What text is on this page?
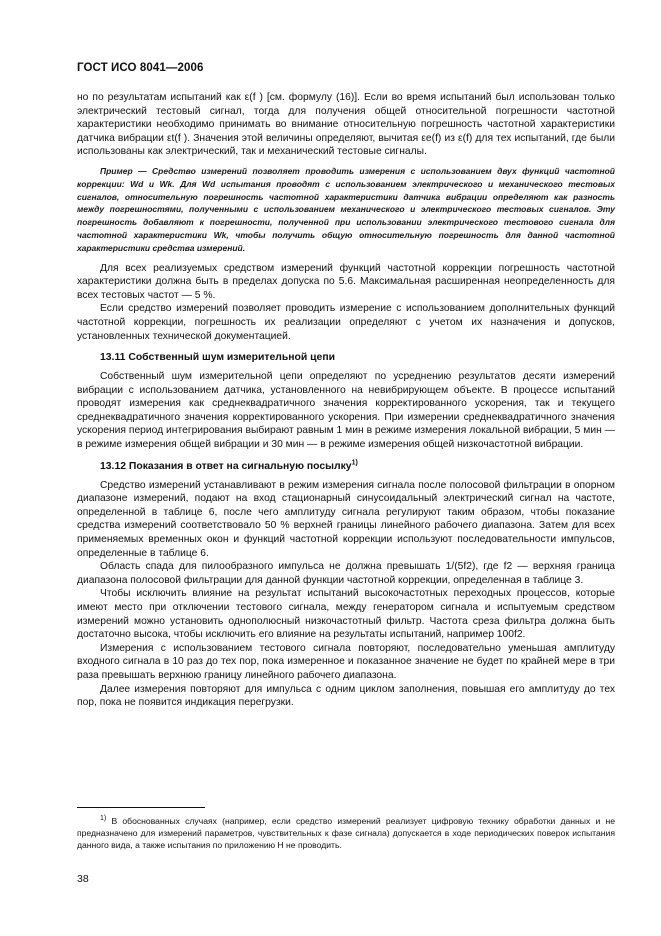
ГОСТ ИСО 8041—2006

но по результатам испытаний как ε(f ) [см. формулу (16)]. Если во время испытаний был использован только электрический тестовый сигнал, тогда для получения общей относительной погрешности частотной характеристики необходимо принимать во внимание относительную погрешность частотной характеристики датчика вибрации εt(f ). Значения этой величины определяют, вычитая εe(f) из ε(f) для тех испытаний, где были использованы как электрический, так и механический тестовые сигналы.

Пример — Средство измерений позволяет проводить измерения с использованием двух функций частотной коррекции: Wd и Wk. Для Wd испытания проводят с использованием электрического и механического тестовых сигналов, относительную погрешность частотной характеристики датчика вибрации определяют как разность между погрешностями, полученными с использованием механического и электрического тестовых сигналов. Эту погрешность добавляют к погрешности, полученной при использовании электрического тестового сигнала для частотной характеристики Wk, чтобы получить общую относительную погрешность для данной частотной характеристики средства измерений.

Для всех реализуемых средством измерений функций частотной коррекции погрешность частотной характеристики должна быть в пределах допуска по 5.6. Максимальная расширенная неопределенность для всех тестовых частот — 5 %.

Если средство измерений позволяет проводить измерение с использованием дополнительных функций частотной коррекции, погрешность их реализации определяют с учетом их назначения и допусков, установленных технической документацией.

13.11 Собственный шум измерительной цепи

Собственный шум измерительной цепи определяют по усреднению результатов десяти измерений вибрации с использованием датчика, установленного на невибрирующем объекте. В процессе испытаний проводят измерения как среднеквадратичного значения корректированного ускорения, так и текущего среднеквадратичного значения корректированного ускорения. При измерении среднеквадратичного значения ускорения период интегрирования выбирают равным 1 мин в режиме измерения локальной вибрации, 5 мин — в режиме измерения общей вибрации и 30 мин — в режиме измерения общей низкочастотной вибрации.

13.12 Показания в ответ на сигнальную посылку$^{1)}$

Средство измерений устанавливают в режим измерения сигнала после полосовой фильтрации в опорном диапазоне измерений, подают на вход стационарный синусоидальный электрический сигнал на частоте, определенной в таблице 6, после чего амплитуду сигнала регулируют таким образом, чтобы показание средства измерений соответствовало 50 % верхней границы линейного рабочего диапазона. Затем для всех применяемых временных окон и функций частотной коррекции используют последовательности импульсов, определенные в таблице 6.

Область спада для пилообразного импульса не должна превышать 1/(5f2), где f2 — верхняя граница диапазона полосовой фильтрации для данной функции частотной коррекции, определенная в таблице 3.

Чтобы исключить влияние на результат испытаний высокочастотных переходных процессов, которые имеют место при отключении тестового сигнала, между генератором сигнала и испытуемым средством измерений можно установить однополюсный низкочастотный фильтр. Частота среза фильтра должна быть достаточно высока, чтобы исключить его влияние на результаты испытаний, например 100f2.

Измерения с использованием тестового сигнала повторяют, последовательно уменьшая амплитуду входного сигнала в 10 раз до тех пор, пока измеренное и показанное значение не будет по крайней мере в три раза превышать верхнюю границу линейного рабочего диапазона.

Далее измерения повторяют для импульса с одним циклом заполнения, повышая его амплитуду до тех пор, пока не появится индикация перегрузки.

$^{1)}$ В обоснованных случаях (например, если средство измерений реализует цифровую технику обработки данных и не предназначено для измерений параметров, чувствительных к фазе сигнала) допускается в ходе периодических поверок испытания данного вида, а также испытания по приложению Н не проводить.
38
